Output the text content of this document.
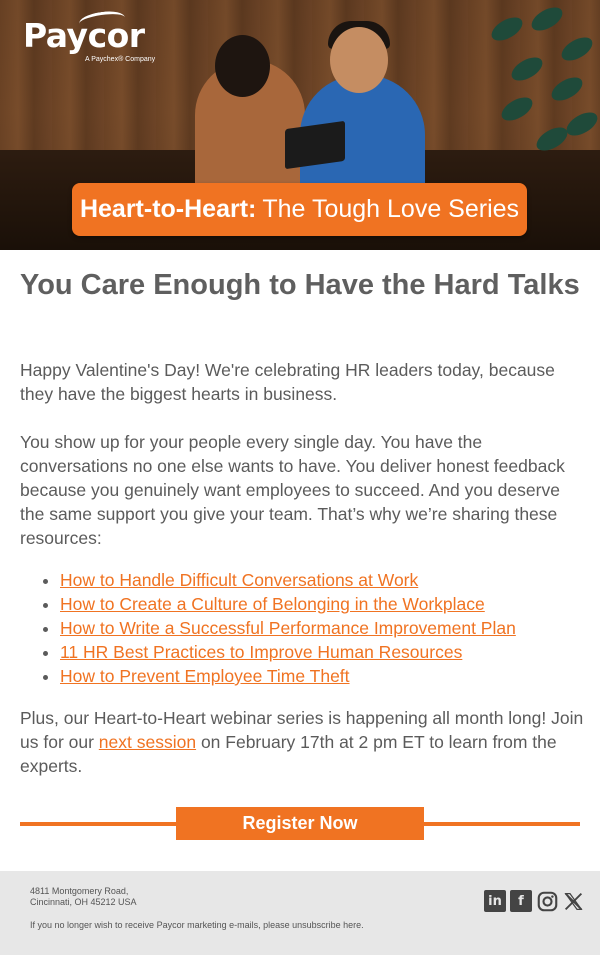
Paycor
A Paychex® Company
Heart-to-Heart: The Tough Love Series
You Care Enough to Have the Hard Talks

Happy Valentine's Day! We're celebrating HR leaders today, because they have the biggest hearts in business.

You show up for your people every single day. You have the conversations no one else wants to have. You deliver honest feedback because you genuinely want employees to succeed. And you deserve the same support you give your team. That’s why we’re sharing these resources:

• How to Handle Difficult Conversations at Work
• How to Create a Culture of Belonging in the Workplace
• How to Write a Successful Performance Improvement Plan
• 11 HR Best Practices to Improve Human Resources
• How to Prevent Employee Time Theft

Plus, our Heart-to-Heart webinar series is happening all month long! Join us for our next session on February 17th at 2 pm ET to learn from the experts.

Register Now
4811 Montgomery Road,
Cincinnati, OH 45212 USA
If you no longer wish to receive Paycor marketing e-mails, please unsubscribe here.
in	f
